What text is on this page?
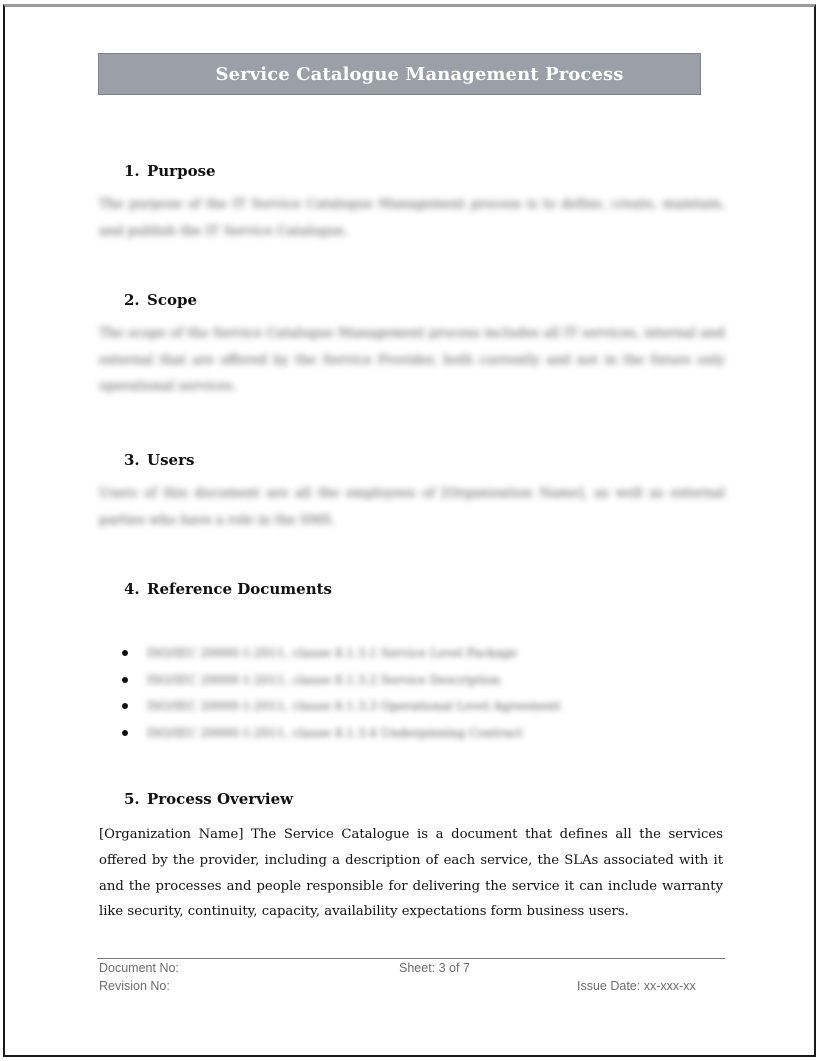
Service Catalogue Management Process
1. Purpose
The purpose of the IT Service Catalogue Management process is to define, create, maintain, and publish the IT Service Catalogue.
2. Scope
The scope of the Service Catalogue Management process includes all IT services, internal and external that are offered by the Service Provider, both currently and not in the future only operational services.
3. Users
Users of this document are all the employees of [Organization Name], as well as external parties who have a role in the SMS.
4. Reference Documents
ISO/IEC 20000-1:2011, clause 8.1.3.1 Service Level Package
ISO/IEC 20000-1:2011, clause 8.1.3.2 Service Description
ISO/IEC 20000-1:2011, clause 8.1.3.3 Operational Level Agreement
ISO/IEC 20000-1:2011, clause 8.1.3.4 Underpinning Contract
5. Process Overview
[Organization Name] The Service Catalogue is a document that defines all the services offered by the provider, including a description of each service, the SLAs associated with it and the processes and people responsible for delivering the service it can include warranty like security, continuity, capacity, availability expectations form business users.
Document No:
Revision No:
Sheet: 3 of 7
Issue Date: xx-xxx-xx
